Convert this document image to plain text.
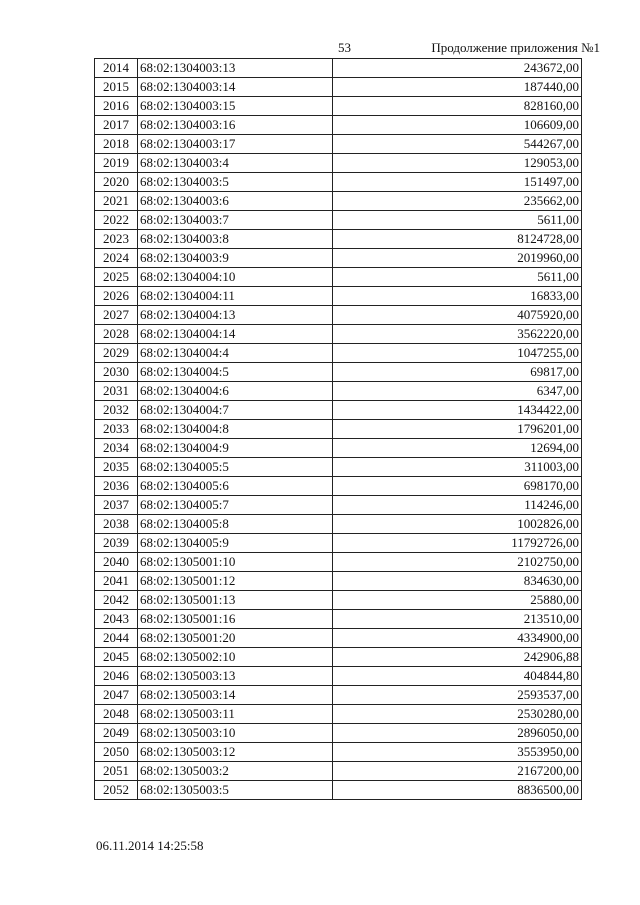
53	Продолжение приложения №1
2014	68:02:1304003:13	243672,00
2015	68:02:1304003:14	187440,00
2016	68:02:1304003:15	828160,00
2017	68:02:1304003:16	106609,00
2018	68:02:1304003:17	544267,00
2019	68:02:1304003:4	129053,00
2020	68:02:1304003:5	151497,00
2021	68:02:1304003:6	235662,00
2022	68:02:1304003:7	5611,00
2023	68:02:1304003:8	8124728,00
2024	68:02:1304003:9	2019960,00
2025	68:02:1304004:10	5611,00
2026	68:02:1304004:11	16833,00
2027	68:02:1304004:13	4075920,00
2028	68:02:1304004:14	3562220,00
2029	68:02:1304004:4	1047255,00
2030	68:02:1304004:5	69817,00
2031	68:02:1304004:6	6347,00
2032	68:02:1304004:7	1434422,00
2033	68:02:1304004:8	1796201,00
2034	68:02:1304004:9	12694,00
2035	68:02:1304005:5	311003,00
2036	68:02:1304005:6	698170,00
2037	68:02:1304005:7	114246,00
2038	68:02:1304005:8	1002826,00
2039	68:02:1304005:9	11792726,00
2040	68:02:1305001:10	2102750,00
2041	68:02:1305001:12	834630,00
2042	68:02:1305001:13	25880,00
2043	68:02:1305001:16	213510,00
2044	68:02:1305001:20	4334900,00
2045	68:02:1305002:10	242906,88
2046	68:02:1305003:13	404844,80
2047	68:02:1305003:14	2593537,00
2048	68:02:1305003:11	2530280,00
2049	68:02:1305003:10	2896050,00
2050	68:02:1305003:12	3553950,00
2051	68:02:1305003:2	2167200,00
2052	68:02:1305003:5	8836500,00
06.11.2014 14:25:58
